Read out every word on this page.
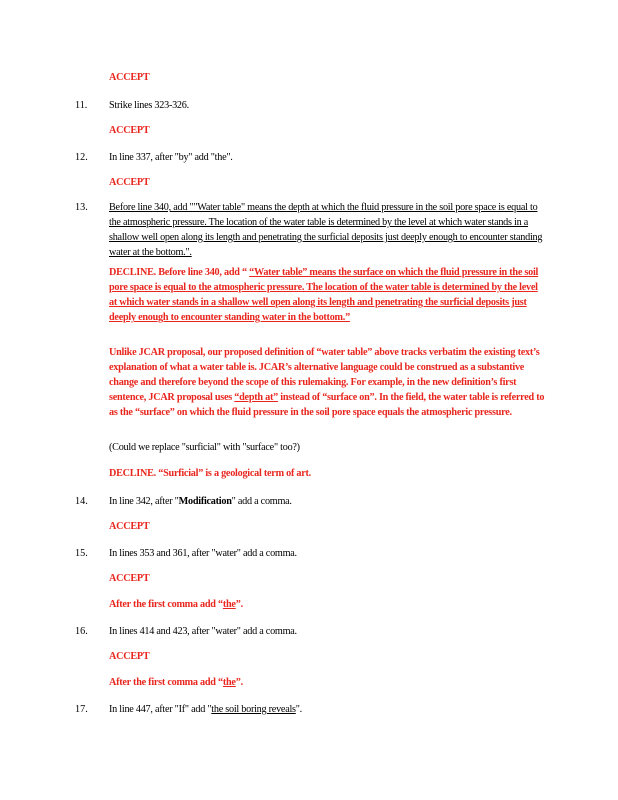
ACCEPT
11. Strike lines 323-326.
ACCEPT
12. In line 337, after "by" add "the".
ACCEPT
13. Before line 340, add ""Water table" means the depth at which the fluid pressure in the soil pore space is equal to the atmospheric pressure. The location of the water table is determined by the level at which water stands in a shallow well open along its length and penetrating the surficial deposits just deeply enough to encounter standing water at the bottom.".
DECLINE. Before line 340, add “ “Water table” means the surface on which the fluid pressure in the soil pore space is equal to the atmospheric pressure. The location of the water table is determined by the level at which water stands in a shallow well open along its length and penetrating the surficial deposits just deeply enough to encounter standing water in the bottom.”
Unlike JCAR proposal, our proposed definition of “water table” above tracks verbatim the existing text’s explanation of what a water table is. JCAR’s alternative language could be construed as a substantive change and therefore beyond the scope of this rulemaking. For example, in the new definition’s first sentence, JCAR proposal uses “depth at” instead of “surface on”. In the field, the water table is referred to as the “surface” on which the fluid pressure in the soil pore space equals the atmospheric pressure.
(Could we replace "surficial" with "surface" too?)
DECLINE. “Surficial” is a geological term of art.
14. In line 342, after "Modification" add a comma.
ACCEPT
15. In lines 353 and 361, after "water" add a comma.
ACCEPT
After the first comma add “the”.
16. In lines 414 and 423, after "water" add a comma.
ACCEPT
After the first comma add “the”.
17. In line 447, after "If" add "the soil boring reveals".
